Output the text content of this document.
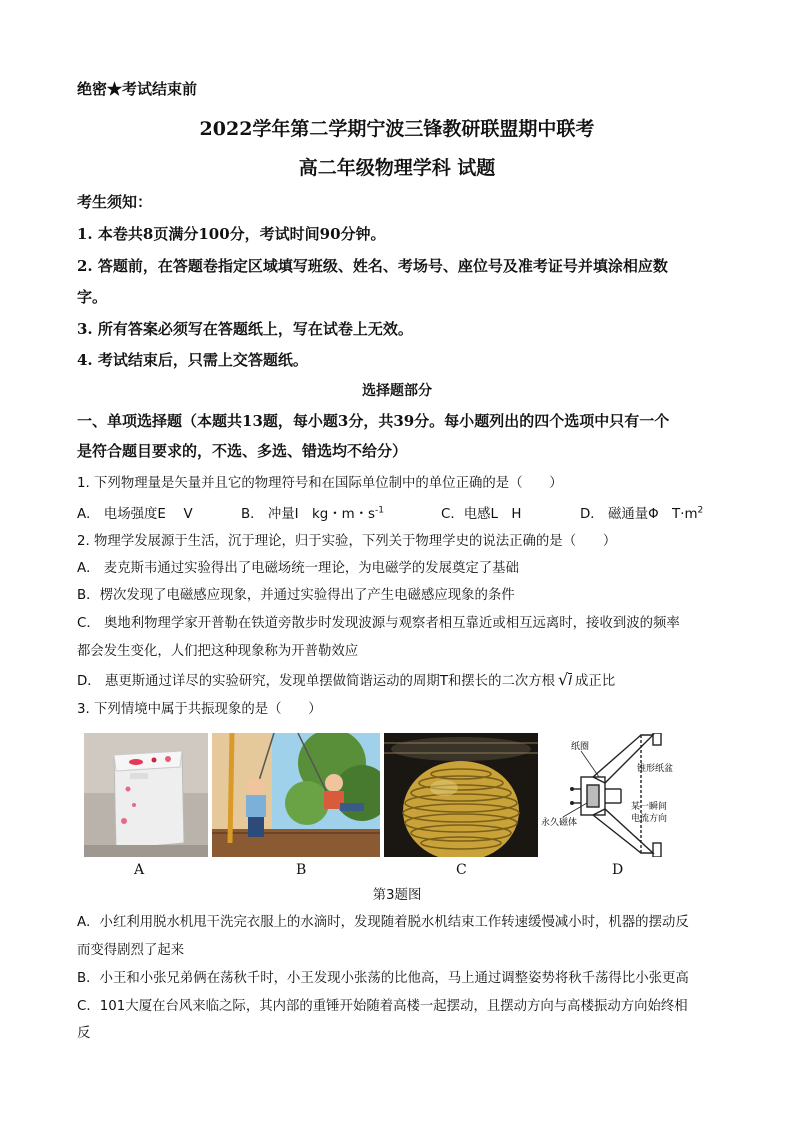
绝密★考试结束前
2022学年第二学期宁波三锋教研联盟期中联考
高二年级物理学科 试题
考生须知：
1. 本卷共8页满分100分，考试时间90分钟。
2. 答题前，在答题卷指定区域填写班级、姓名、考场号、座位号及准考证号并填涂相应数
字。
3. 所有答案必须写在答题纸上，写在试卷上无效。
4. 考试结束后，只需上交答题纸。
选择题部分
一、单项选择题（本题共13题，每小题3分，共39分。每小题列出的四个选项中只有一个
是符合题目要求的，不选、多选、错选均不给分）
1. 下列物理量是矢量并且它的物理符号和在国际单位制中的单位正确的是（　　）
A． 电场强度E　 V	B． 冲量I　kg・m・$s^{-1}$	C．电感L　H	D． 磁通量Φ　$T\cdot m^2$
2. 物理学发展源于生活，沉于理论，归于实验，下列关于物理学史的说法正确的是（　　）
A． 麦克斯韦通过实验得出了电磁场统一理论，为电磁学的发展奠定了基础
B．楞次发现了电磁感应现象，并通过实验得出了产生电磁感应现象的条件
C． 奥地利物理学家开普勒在铁道旁散步时发现波源与观察者相互靠近或相互远离时，接收到波的频率
都会发生变化，人们把这种现象称为开普勒效应
D． 惠更斯通过详尽的实验研究，发现单摆做简谐运动的周期T和摆长的二次方根 √l 成正比
3. 下列情境中属于共振现象的是（　　）
纸圈
锥形纸盆
永久磁体
某一瞬间
电流方向
A	B	C	D
第3题图
A．小红利用脱水机甩干洗完衣服上的水滴时，发现随着脱水机结束工作转速缓慢减小时，机器的摆动反
而变得剧烈了起来
B．小王和小张兄弟俩在荡秋千时，小王发现小张荡的比他高，马上通过调整姿势将秋千荡得比小张更高
C．101大厦在台风来临之际，其内部的重锤开始随着高楼一起摆动，且摆动方向与高楼振动方向始终相
反
